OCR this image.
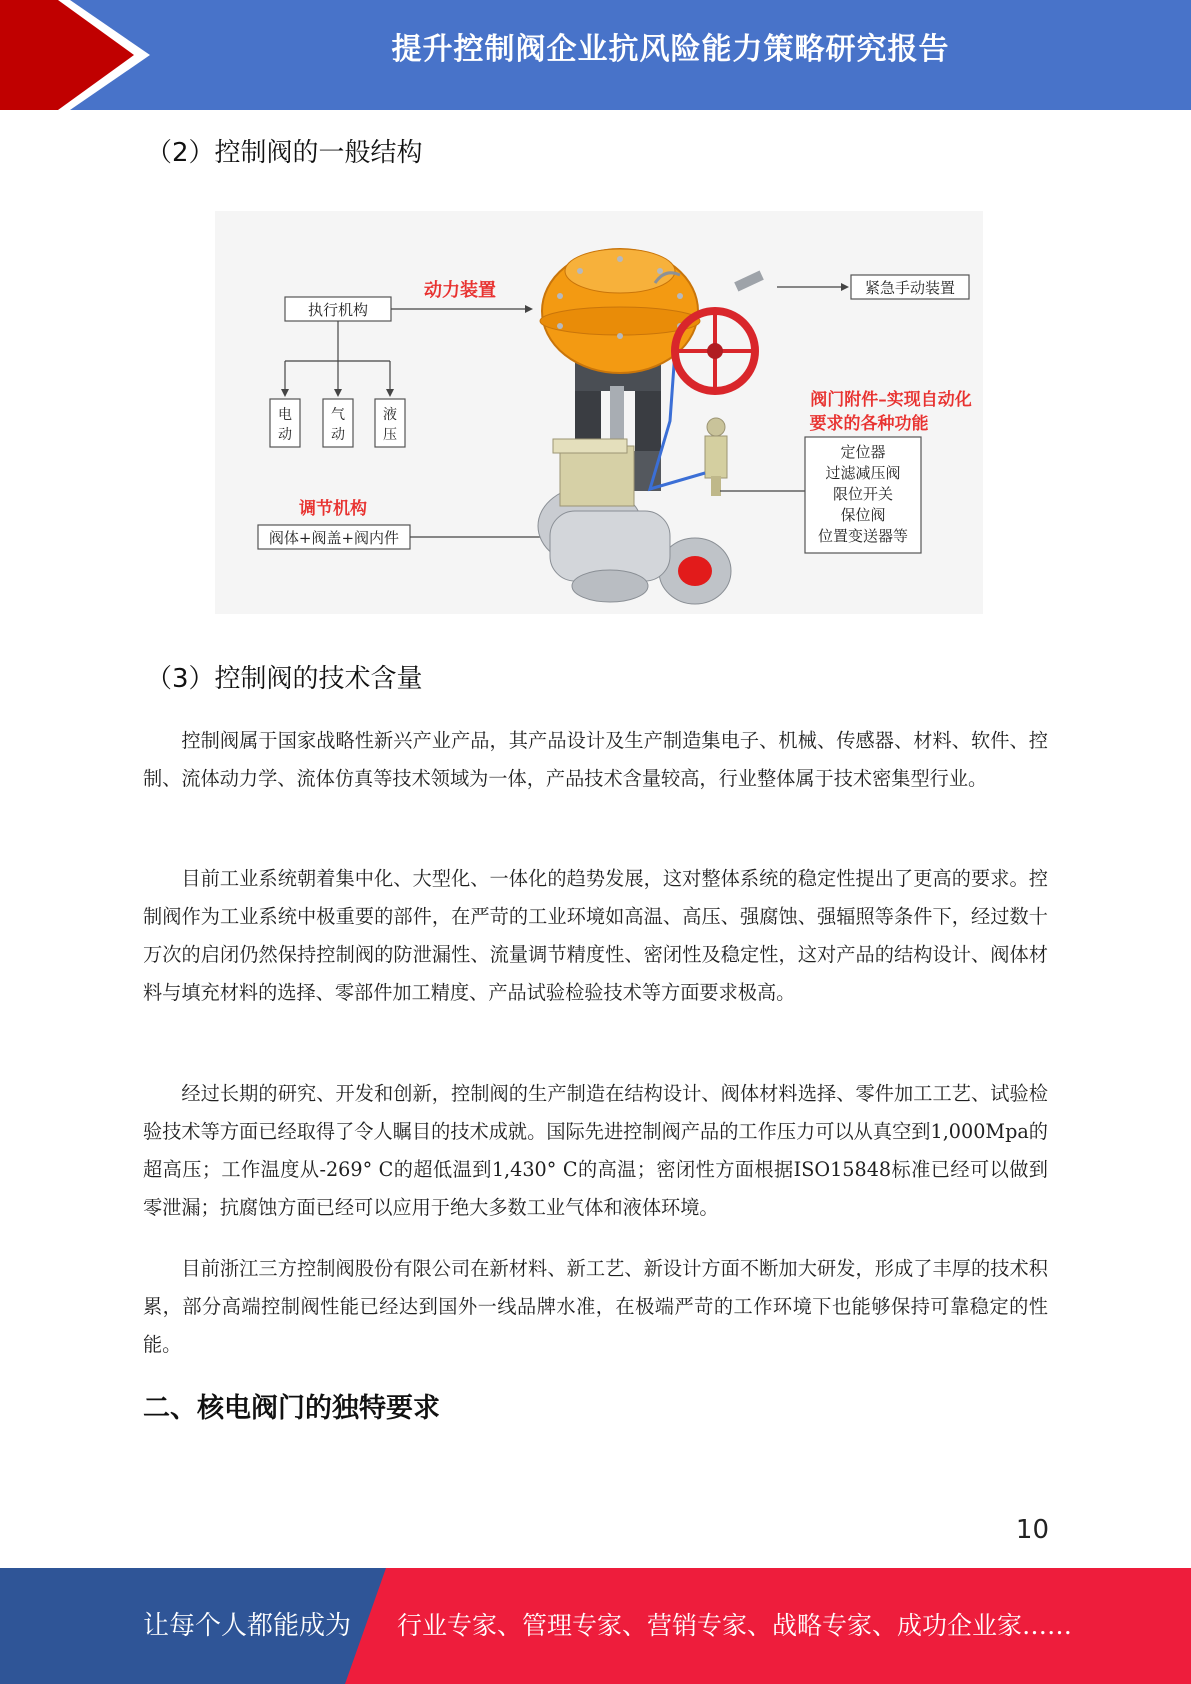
提升控制阀企业抗风险能力策略研究报告
（2）控制阀的一般结构
执行机构
动力装置
电
动
气
动
液
压
调节机构
阀体+阀盖+阀内件
紧急手动装置
阀门附件–实现自动化
要求的各种功能
定位器
过滤减压阀
限位开关
保位阀
位置变送器等
（3）控制阀的技术含量

控制阀属于国家战略性新兴产业产品，其产品设计及生产制造集电子、机械、传感器、材料、软件、控制、流体动力学、流体仿真等技术领域为一体，产品技术含量较高，行业整体属于技术密集型行业。

目前工业系统朝着集中化、大型化、一体化的趋势发展，这对整体系统的稳定性提出了更高的要求。控制阀作为工业系统中极重要的部件，在严苛的工业环境如高温、高压、强腐蚀、强辐照等条件下，经过数十万次的启闭仍然保持控制阀的防泄漏性、流量调节精度性、密闭性及稳定性，这对产品的结构设计、阀体材料与填充材料的选择、零部件加工精度、产品试验检验技术等方面要求极高。

经过长期的研究、开发和创新，控制阀的生产制造在结构设计、阀体材料选择、零件加工工艺、试验检验技术等方面已经取得了令人瞩目的技术成就。国际先进控制阀产品的工作压力可以从真空到1,000Mpa的超高压；工作温度从-269° C的超低温到1,430° C的高温；密闭性方面根据ISO15848标准已经可以做到零泄漏；抗腐蚀方面已经可以应用于绝大多数工业气体和液体环境。

目前浙江三方控制阀股份有限公司在新材料、新工艺、新设计方面不断加大研发，形成了丰厚的技术积累，部分高端控制阀性能已经达到国外一线品牌水准，在极端严苛的工作环境下也能够保持可靠稳定的性能。

二、核电阀门的独特要求
10
让每个人都能成为 行业专家、管理专家、营销专家、战略专家、成功企业家……
